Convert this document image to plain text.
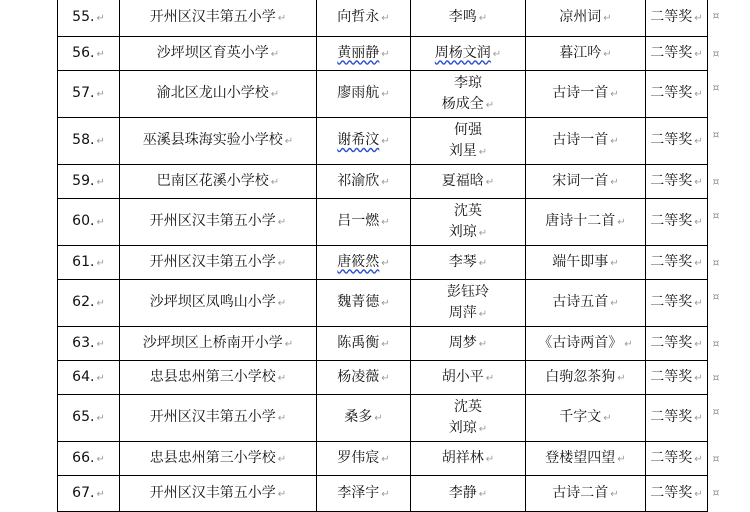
55. ↵	开州区汉丰第五小学 ↵	向哲永 ↵	李鸣 ↵	凉州词 ↵	二等奖 ↵
56. ↵	沙坪坝区育英小学 ↵	黄丽静 ↵	周杨文润 ↵	暮江吟 ↵	二等奖 ↵
57. ↵	渝北区龙山小学校 ↵	廖雨航 ↵	李琼
杨成全 ↵	古诗一首 ↵	二等奖 ↵
58. ↵	巫溪县珠海实验小学校 ↵	谢希汶 ↵	何强
刘星 ↵	古诗一首 ↵	二等奖 ↵
59. ↵	巴南区花溪小学校 ↵	祁渝欣 ↵	夏福晗 ↵	宋词一首 ↵	二等奖 ↵
60. ↵	开州区汉丰第五小学 ↵	吕一燃 ↵	沈英
刘琼 ↵	唐诗十二首 ↵	二等奖 ↵
61. ↵	开州区汉丰第五小学 ↵	唐筱然 ↵	李琴 ↵	端午即事 ↵	二等奖 ↵
62. ↵	沙坪坝区凤鸣山小学 ↵	魏菁德 ↵	彭钰玲
周萍 ↵	古诗五首 ↵	二等奖 ↵
63. ↵	沙坪坝区上桥南开小学 ↵	陈禹衡 ↵	周梦 ↵	《古诗两首》 ↵	二等奖 ↵
64. ↵	忠县忠州第三小学校 ↵	杨凌薇 ↵	胡小平 ↵	白驹忽茶狗 ↵	二等奖 ↵
65. ↵	开州区汉丰第五小学 ↵	桑多 ↵	沈英
刘琼 ↵	千字文 ↵	二等奖 ↵
66. ↵	忠县忠州第三小学校 ↵	罗伟宸 ↵	胡祥林 ↵	登楼望四望 ↵	二等奖 ↵
67. ↵	开州区汉丰第五小学 ↵	李泽宇 ↵	李静 ↵	古诗二首 ↵	二等奖 ↵
¤
¤
¤
¤
¤
¤
¤
¤
¤
¤
¤
¤
¤
